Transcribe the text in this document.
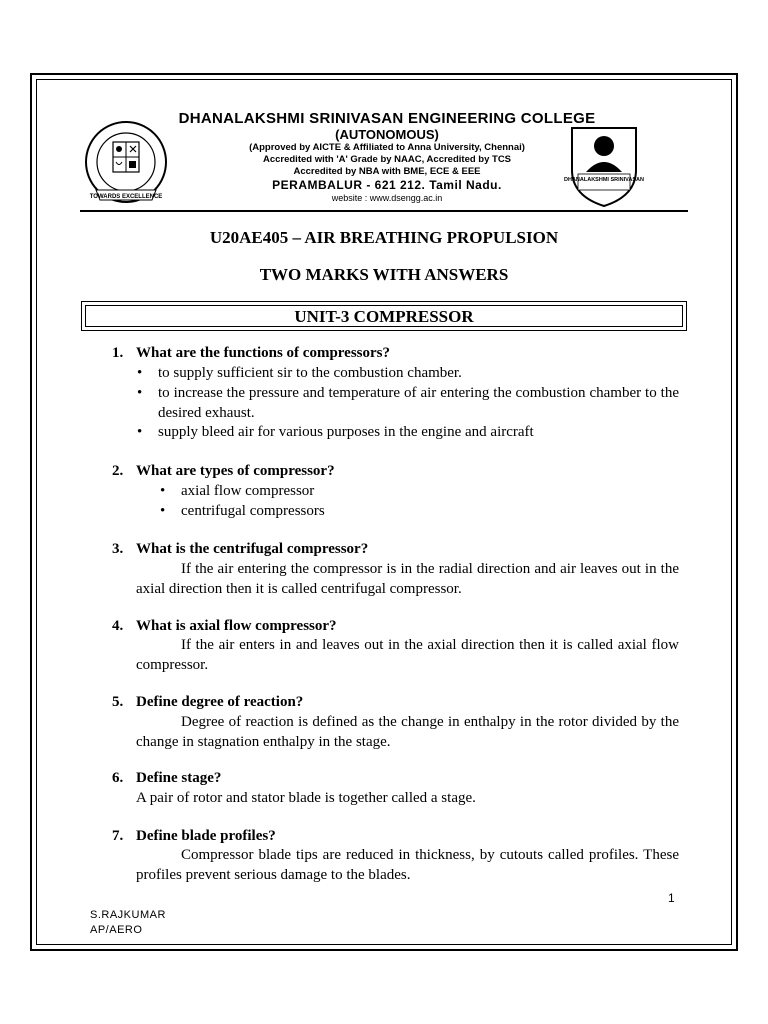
TOWARDS EXCELLENCE
DHANALAKSHMI SRINIVASAN ENGINEERING COLLEGE
(AUTONOMOUS)
(Approved by AICTE & Affiliated to Anna University, Chennai)
Accredited with 'A' Grade by NAAC, Accredited by TCS
Accredited by NBA with BME, ECE & EEE
PERAMBALUR - 621 212. Tamil Nadu.
website : www.dsengg.ac.in
DHANALAKSHMI SRINIVASAN
U20AE405 – AIR BREATHING PROPULSION
TWO MARKS WITH ANSWERS
UNIT-3 COMPRESSOR
1. What are the functions of compressors?
• to supply sufficient sir to the combustion chamber.
• to increase the pressure and temperature of air entering the combustion chamber to the desired exhaust.
• supply bleed air for various purposes in the engine and aircraft
2. What are types of compressor?
• axial flow compressor
• centrifugal compressors
3. What is the centrifugal compressor?
If the air entering the compressor is in the radial direction and air leaves out in the axial direction then it is called centrifugal compressor.
4. What is axial flow compressor?
If the air enters in and leaves out in the axial direction then it is called axial flow compressor.
5. Define degree of reaction?
Degree of reaction is defined as the change in enthalpy in the rotor divided by the change in stagnation enthalpy in the stage.
6. Define stage?
A pair of rotor and stator blade is together called a stage.
7. Define blade profiles?
Compressor blade tips are reduced in thickness, by cutouts called profiles. These profiles prevent serious damage to the blades.
1
S.RAJKUMAR
AP/AERO
